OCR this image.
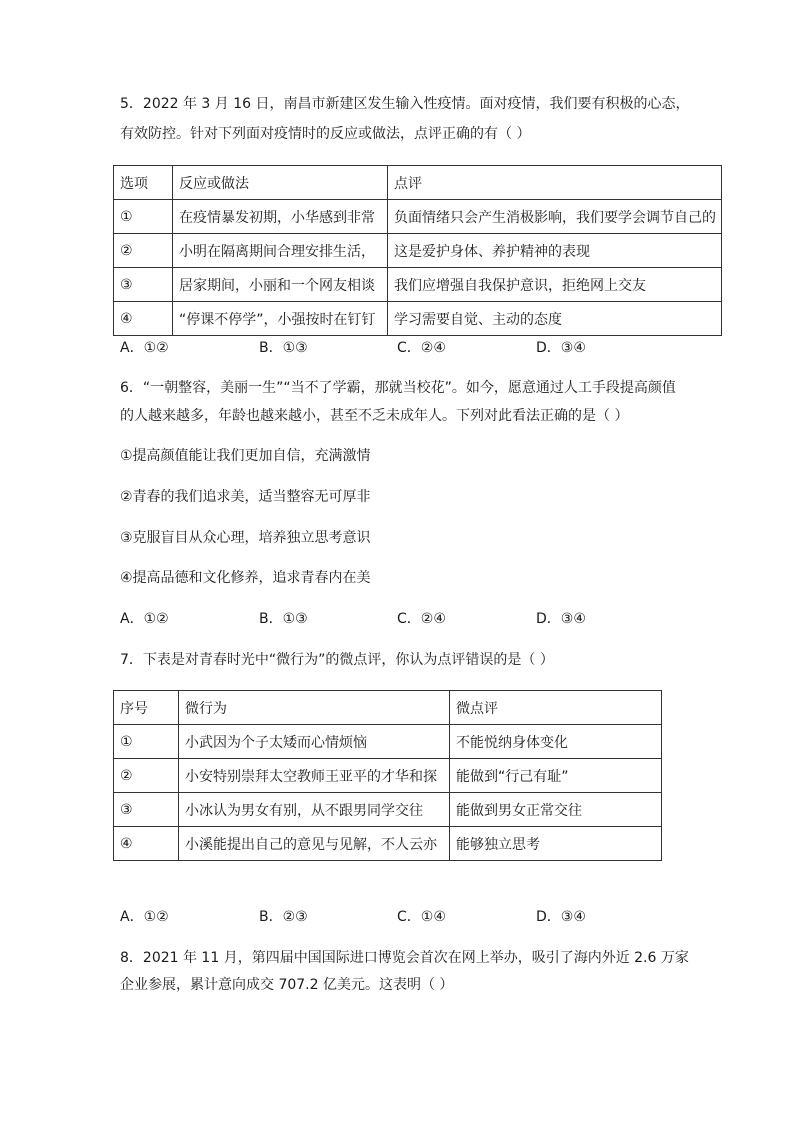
5．2022 年 3 月 16 日，南昌市新建区发生输入性疫情。面对疫情，我们要有积极的心态，
有效防控。针对下列面对疫情时的反应或做法，点评正确的有（ ）
选项	反应或做法	点评
①	在疫情暴发初期，小华感到非常	负面情绪只会产生消极影响，我们要学会调节自己的
②	小明在隔离期间合理安排生活，	这是爱护身体、养护精神的表现
③	居家期间，小丽和一个网友相谈	我们应增强自我保护意识，拒绝网上交友
④	“停课不停学”，小强按时在钉钉	学习需要自觉、主动的态度
A．①②	B．①③	C．②④	D．③④
6．“一朝整容，美丽一生”“当不了学霸，那就当校花”。如今，愿意通过人工手段提高颜值
的人越来越多，年龄也越来越小，甚至不乏未成年人。下列对此看法正确的是（ ）
①提高颜值能让我们更加自信，充满激情
②青春的我们追求美，适当整容无可厚非
③克服盲目从众心理，培养独立思考意识
④提高品德和文化修养，追求青春内在美
A．①②	B．①③	C．②④	D．③④
7．下表是对青春时光中“微行为”的微点评，你认为点评错误的是（ ）
序号	微行为	微点评
①	小武因为个子太矮而心情烦恼	不能悦纳身体变化
②	小安特别崇拜太空教师王亚平的才华和探	能做到“行己有耻”
③	小冰认为男女有别，从不跟男同学交往	能做到男女正常交往
④	小溪能提出自己的意见与见解，不人云亦	能够独立思考
A．①②	B．②③	C．①④	D．③④
8．2021 年 11 月，第四届中国国际进口博览会首次在网上举办，吸引了海内外近 2.6 万家
企业参展，累计意向成交 707.2 亿美元。这表明（ ）
